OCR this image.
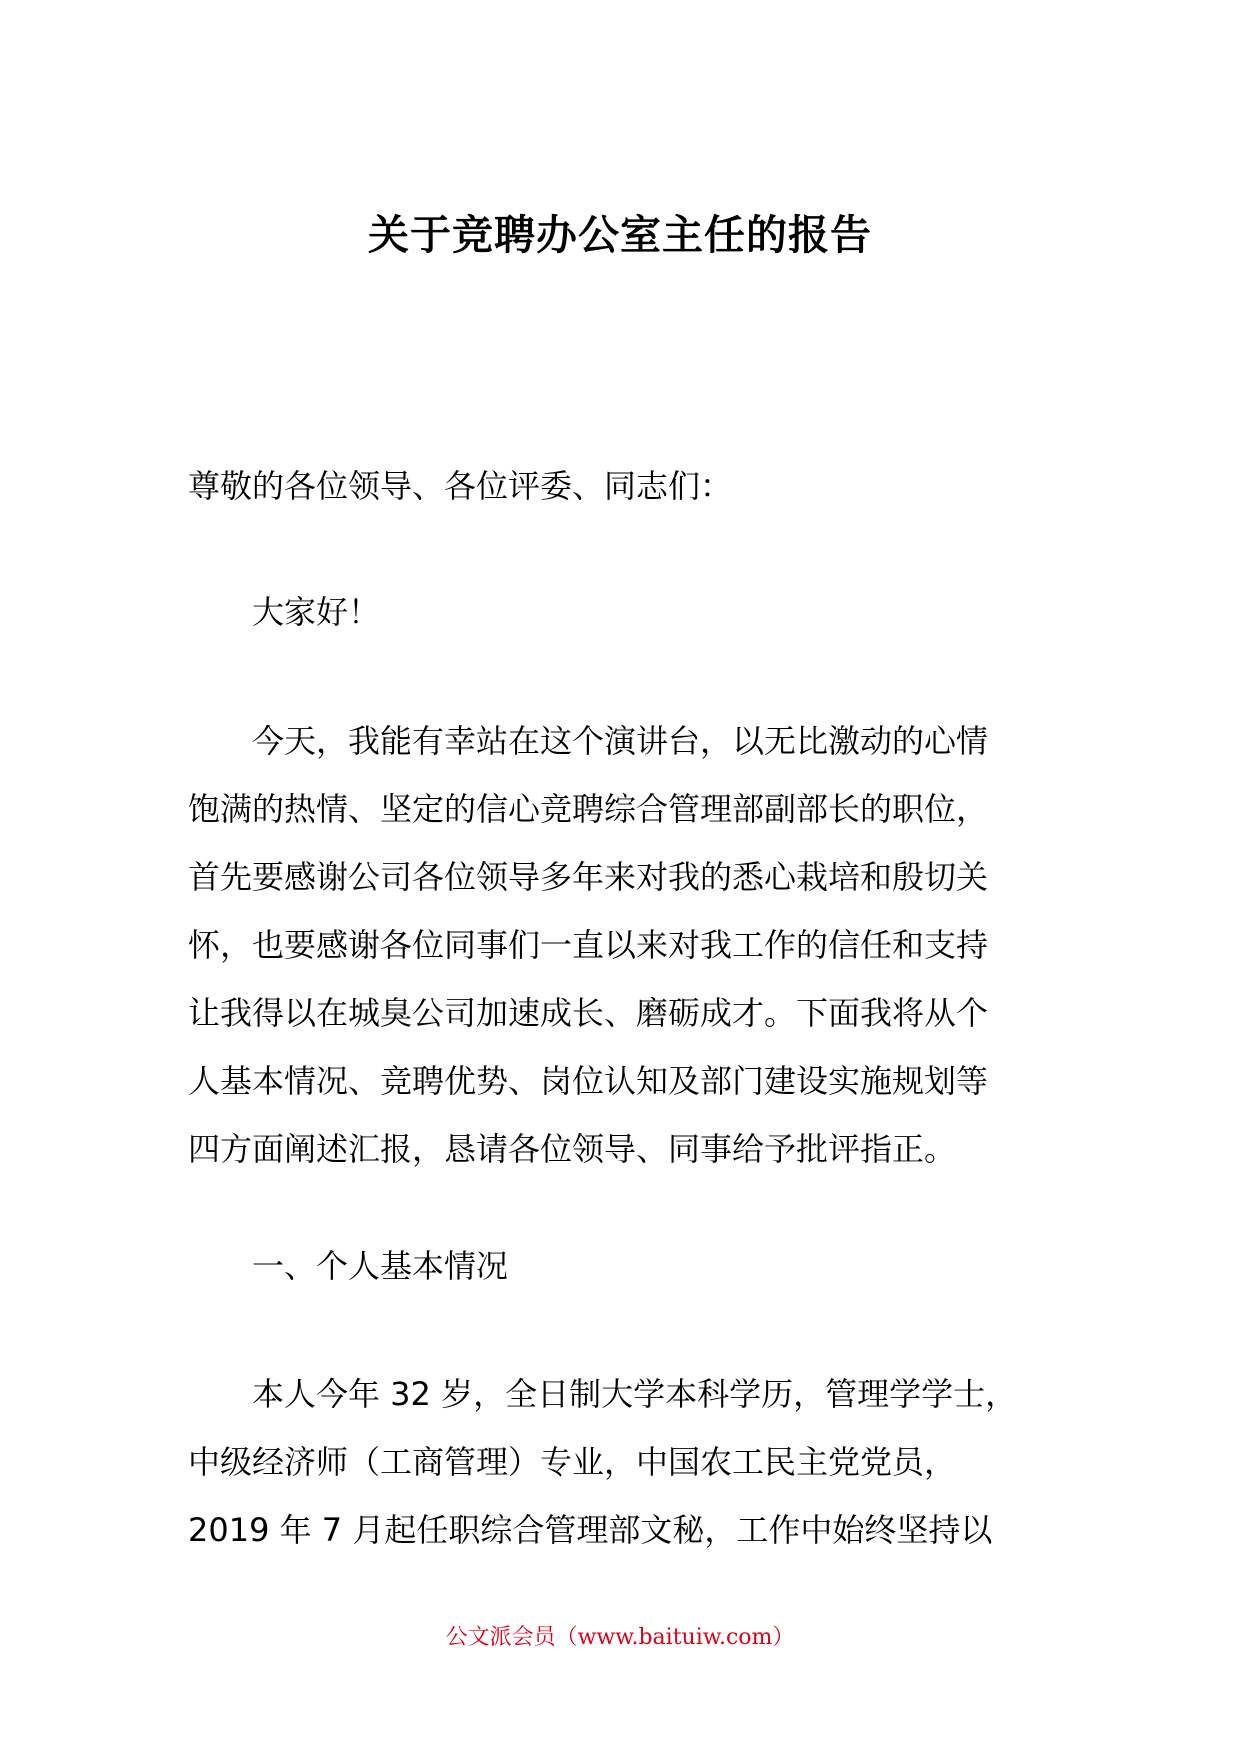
关于竞聘办公室主任的报告
尊敬的各位领导、各位评委、同志们：
大家好！
今天，我能有幸站在这个演讲台，以无比激动的心情
饱满的热情、坚定的信心竞聘综合管理部副部长的职位，
首先要感谢公司各位领导多年来对我的悉心栽培和殷切关
怀，也要感谢各位同事们一直以来对我工作的信任和支持
让我得以在城臭公司加速成长、磨砺成才。下面我将从个
人基本情况、竞聘优势、岗位认知及部门建设实施规划等
四方面阐述汇报，恳请各位领导、同事给予批评指正。
一、个人基本情况
本人今年 32 岁，全日制大学本科学历，管理学学士，
中级经济师（工商管理）专业，中国农工民主党党员，
2019 年 7 月起任职综合管理部文秘，工作中始终坚持以
公文派会员（www.baituiw.com）
